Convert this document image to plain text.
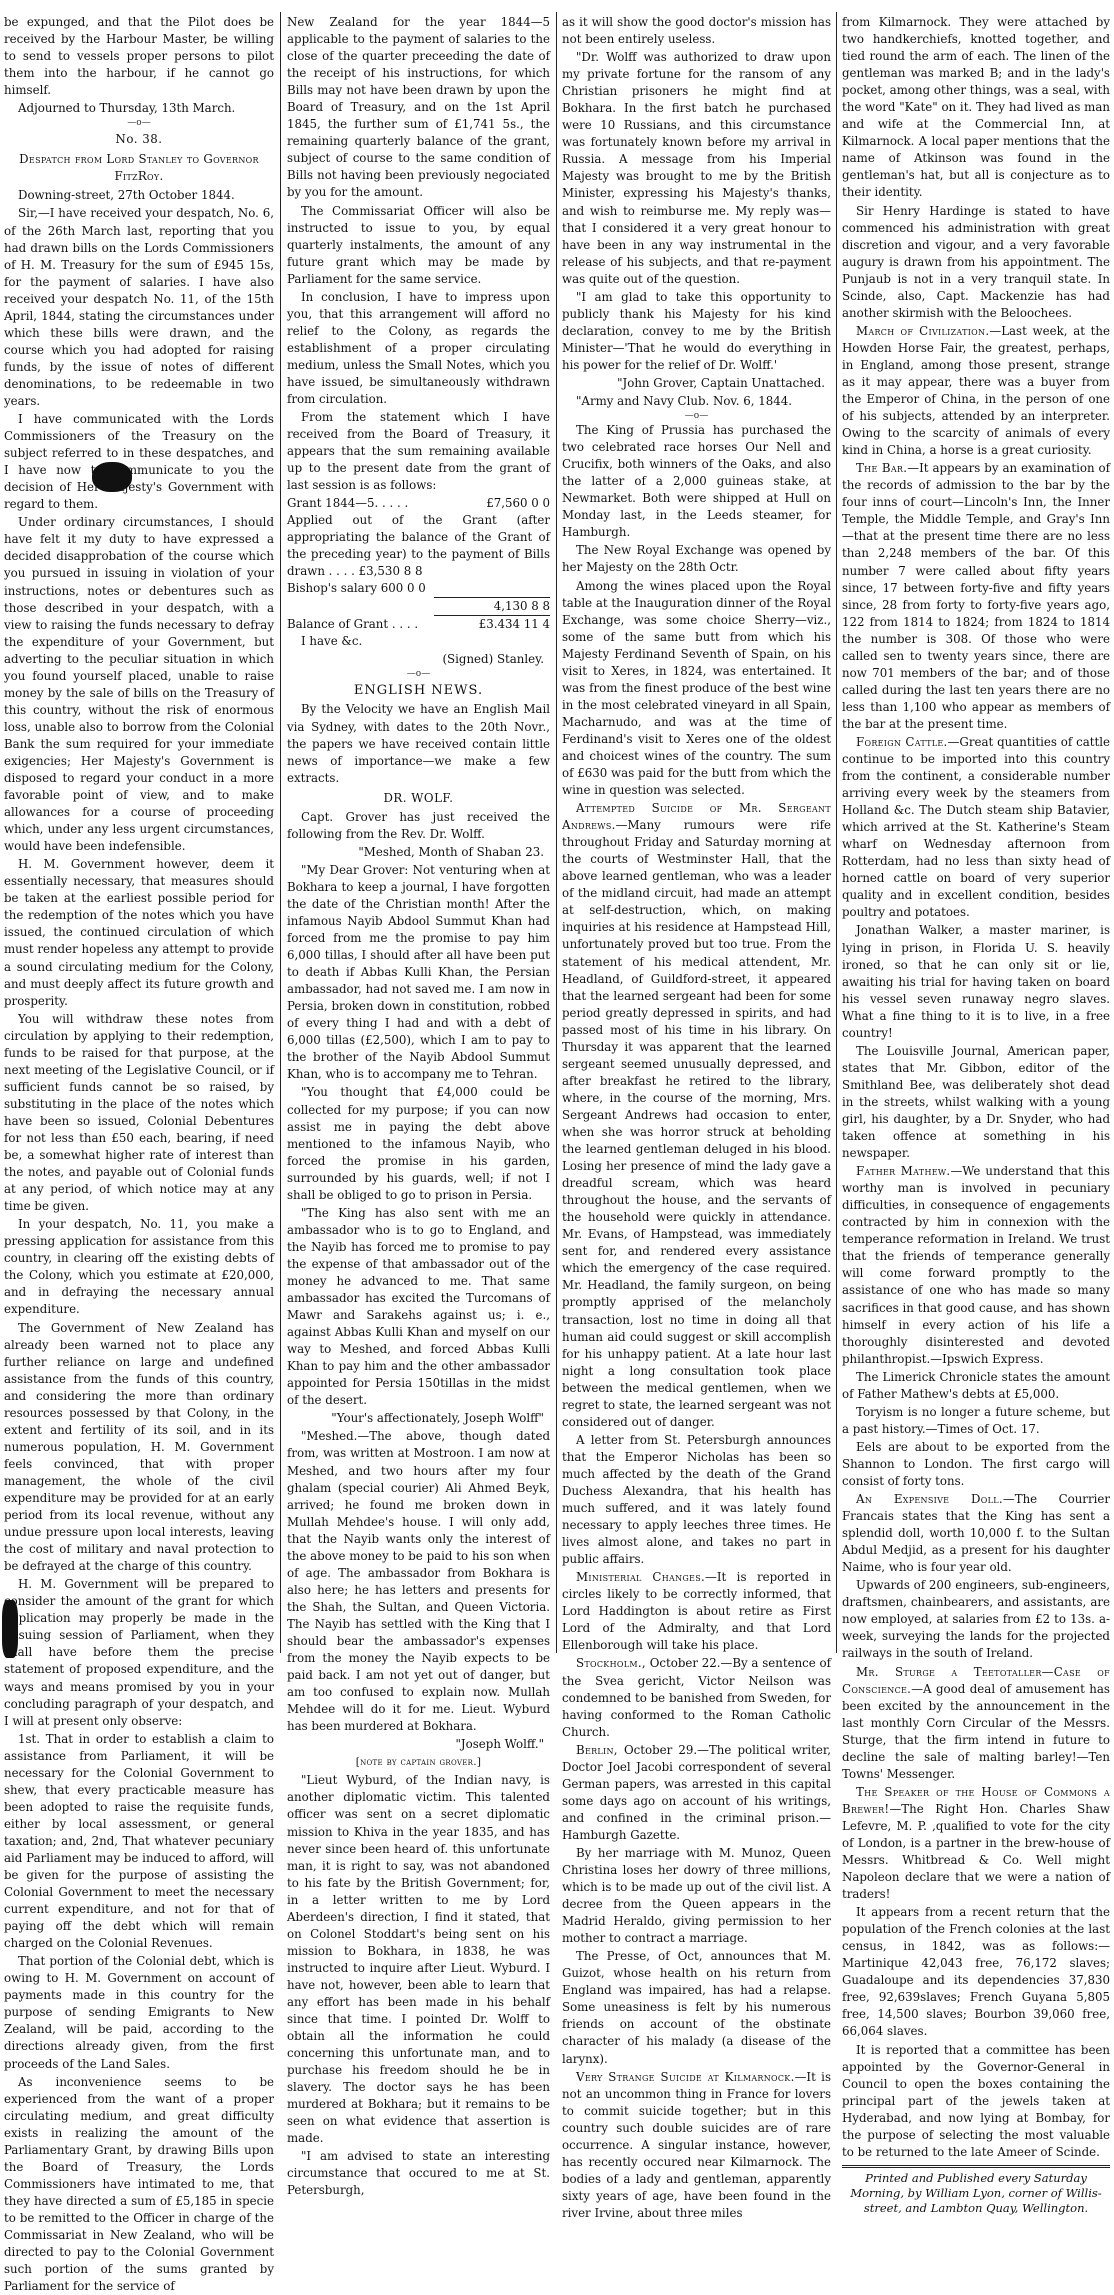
be expunged, and that the Pilot does be received by the Harbour Master, be willing to send to vessels proper persons to pilot them into the harbour, if he cannot go himself.

Adjourned to Thursday, 13th March.

—o—

No. 38.

Despatch from Lord Stanley to Governor FitzRoy.

Downing-street, 27th October 1844.

Sir,—I have received your despatch, No. 6, of the 26th March last, reporting that you had drawn bills on the Lords Commissioners of H. M. Treasury for the sum of £945 15s, for the payment of salaries. I have also received your despatch No. 11, of the 15th April, 1844, stating the circumstances under which these bills were drawn, and the course which you had adopted for raising funds, by the issue of notes of different denominations, to be redeemable in two years.

I have communicated with the Lords Commissioners of the Treasury on the subject referred to in these despatches, and I have now to communicate to you the decision of Her Majesty's Government with regard to them.

Under ordinary circumstances, I should have felt it my duty to have expressed a decided disapprobation of the course which you pursued in issuing in violation of your instructions, notes or debentures such as those described in your despatch, with a view to raising the funds necessary to defray the expenditure of your Government, but adverting to the peculiar situation in which you found yourself placed, unable to raise money by the sale of bills on the Treasury of this country, without the risk of enormous loss, unable also to borrow from the Colonial Bank the sum required for your immediate exigencies; Her Majesty's Government is disposed to regard your conduct in a more favorable point of view, and to make allowances for a course of proceeding which, under any less urgent circumstances, would have been indefensible.

H. M. Government however, deem it essentially necessary, that measures should be taken at the earliest possible period for the redemption of the notes which you have issued, the continued circulation of which must render hopeless any attempt to provide a sound circulating medium for the Colony, and must deeply affect its future growth and prosperity.

You will withdraw these notes from circulation by applying to their redemption, funds to be raised for that purpose, at the next meeting of the Legislative Council, or if sufficient funds cannot be so raised, by substituting in the place of the notes which have been so issued, Colonial Debentures for not less than £50 each, bearing, if need be, a somewhat higher rate of interest than the notes, and payable out of Colonial funds at any period, of which notice may at any time be given.

In your despatch, No. 11, you make a pressing application for assistance from this country, in clearing off the existing debts of the Colony, which you estimate at £20,000, and in defraying the necessary annual expenditure.

The Government of New Zealand has already been warned not to place any further reliance on large and undefined assistance from the funds of this country, and considering the more than ordinary resources possessed by that Colony, in the extent and fertility of its soil, and in its numerous population, H. M. Government feels convinced, that with proper management, the whole of the civil expenditure may be provided for at an early period from its local revenue, without any undue pressure upon local interests, leaving the cost of military and naval protection to be defrayed at the charge of this country.

H. M. Government will be prepared to consider the amount of the grant for which application may properly be made in the ensuing session of Parliament, when they shall have before them the precise statement of proposed expenditure, and the ways and means promised by you in your concluding paragraph of your despatch, and I will at present only observe:

1st. That in order to establish a claim to assistance from Parliament, it will be necessary for the Colonial Government to shew, that every practicable measure has been adopted to raise the requisite funds, either by local assessment, or general taxation; and, 2nd, That whatever pecuniary aid Parliament may be induced to afford, will be given for the purpose of assisting the Colonial Government to meet the necessary current expenditure, and not for that of paying off the debt which will remain charged on the Colonial Revenues.

That portion of the Colonial debt, which is owing to H. M. Government on account of payments made in this country for the purpose of sending Emigrants to New Zealand, will be paid, according to the directions already given, from the first proceeds of the Land Sales.

As inconvenience seems to be experienced from the want of a proper circulating medium, and great difficulty exists in realizing the amount of the Parliamentary Grant, by drawing Bills upon the Board of Treasury, the Lords Commissioners have intimated to me, that they have directed a sum of £5,185 in specie to be remitted to the Officer in charge of the Commissariat in New Zealand, who will be directed to pay to the Colonial Government such portion of the sums granted by Parliament for the service of

New Zealand for the year 1844—5 applicable to the payment of salaries to the close of the quarter preceeding the date of the receipt of his instructions, for which Bills may not have been drawn by upon the Board of Treasury, and on the 1st April 1845, the further sum of £1,741 5s., the remaining quarterly balance of the grant, subject of course to the same condition of Bills not having been previously negociated by you for the amount.

The Commissariat Officer will also be instructed to issue to you, by equal quarterly instalments, the amount of any future grant which may be made by Parliament for the same service.

In conclusion, I have to impress upon you, that this arrangement will afford no relief to the Colony, as regards the establishment of a proper circulating medium, unless the Small Notes, which you have issued, be simultaneously withdrawn from circulation.

From the statement which I have received from the Board of Treasury, it appears that the sum remaining available up to the present date from the grant of last session is as follows:

Grant 1844—5. . . . .	£7,560 0 0
Applied out of the Grant (after appropriating the balance of the Grant of the preceding year) to the payment of Bills drawn . . . . £3,530 8 8	
Bishop's salary 600 0 0	
	4,130 8 8
Balance of Grant . . . .	£3.434 11 4

I have &c.

(Signed) Stanley.

—o—

ENGLISH NEWS.

By the Velocity we have an English Mail via Sydney, with dates to the 20th Novr., the papers we have received contain little news of importance—we make a few extracts.

DR. WOLF.

Capt. Grover has just received the following from the Rev. Dr. Wolff.

"Meshed, Month of Shaban 23.

"My Dear Grover: Not venturing when at Bokhara to keep a journal, I have forgotten the date of the Christian month! After the infamous Nayib Abdool Summut Khan had forced from me the promise to pay him 6,000 tillas, I should after all have been put to death if Abbas Kulli Khan, the Persian ambassador, had not saved me. I am now in Persia, broken down in constitution, robbed of every thing I had and with a debt of 6,000 tillas (£2,500), which I am to pay to the brother of the Nayib Abdool Summut Khan, who is to accompany me to Tehran.

"You thought that £4,000 could be collected for my purpose; if you can now assist me in paying the debt above mentioned to the infamous Nayib, who forced the promise in his garden, surrounded by his guards, well; if not I shall be obliged to go to prison in Persia.

"The King has also sent with me an ambassador who is to go to England, and the Nayib has forced me to promise to pay the expense of that ambassador out of the money he advanced to me. That same ambassador has excited the Turcomans of Mawr and Sarakehs against us; i. e., against Abbas Kulli Khan and myself on our way to Meshed, and forced Abbas Kulli Khan to pay him and the other ambassador appointed for Persia 150tillas in the midst of the desert.

"Your's affectionately, Joseph Wolff"

"Meshed.—The above, though dated from, was written at Mostroon. I am now at Meshed, and two hours after my four ghalam (special courier) Ali Ahmed Beyk, arrived; he found me broken down in Mullah Mehdee's house. I will only add, that the Nayib wants only the interest of the above money to be paid to his son when of age. The ambassador from Bokhara is also here; he has letters and presents for the Shah, the Sultan, and Queen Victoria. The Nayib has settled with the King that I should bear the ambassador's expenses from the money the Nayib expects to be paid back. I am not yet out of danger, but am too confused to explain now. Mullah Mehdee will do it for me. Lieut. Wyburd has been murdered at Bokhara.

"Joseph Wolff."

[note by captain grover.]

"Lieut Wyburd, of the Indian navy, is another diplomatic victim. This talented officer was sent on a secret diplomatic mission to Khiva in the year 1835, and has never since been heard of. this unfortunate man, it is right to say, was not abandoned to his fate by the British Government; for, in a letter written to me by Lord Aberdeen's direction, I find it stated, that on Colonel Stoddart's being sent on his mission to Bokhara, in 1838, he was instructed to inquire after Lieut. Wyburd. I have not, however, been able to learn that any effort has been made in his behalf since that time. I pointed Dr. Wolff to obtain all the information he could concerning this unfortunate man, and to purchase his freedom should he be in slavery. The doctor says he has been murdered at Bokhara; but it remains to be seen on what evidence that assertion is made.

"I am advised to state an interesting circumstance that occured to me at St. Petersburgh,

as it will show the good doctor's mission has not been entirely useless.

"Dr. Wolff was authorized to draw upon my private fortune for the ransom of any Christian prisoners he might find at Bokhara. In the first batch he purchased were 10 Russians, and this circumstance was fortunately known before my arrival in Russia. A message from his Imperial Majesty was brought to me by the British Minister, expressing his Majesty's thanks, and wish to reimburse me. My reply was—that I considered it a very great honour to have been in any way instrumental in the release of his subjects, and that re-payment was quite out of the question.

"I am glad to take this opportunity to publicly thank his Majesty for his kind declaration, convey to me by the British Minister—'That he would do everything in his power for the relief of Dr. Wolff.'

"John Grover, Captain Unattached.

"Army and Navy Club. Nov. 6, 1844.

—o—

The King of Prussia has purchased the two celebrated race horses Our Nell and Crucifix, both winners of the Oaks, and also the latter of a 2,000 guineas stake, at Newmarket. Both were shipped at Hull on Monday last, in the Leeds steamer, for Hamburgh.

The New Royal Exchange was opened by her Majesty on the 28th Octr.

Among the wines placed upon the Royal table at the Inauguration dinner of the Royal Exchange, was some choice Sherry—viz., some of the same butt from which his Majesty Ferdinand Seventh of Spain, on his visit to Xeres, in 1824, was entertained. It was from the finest produce of the best wine in the most celebrated vineyard in all Spain, Macharnudo, and was at the time of Ferdinand's visit to Xeres one of the oldest and choicest wines of the country. The sum of £630 was paid for the butt from which the wine in question was selected.

Attempted Suicide of Mr. Sergeant Andrews.—Many rumours were rife throughout Friday and Saturday morning at the courts of Westminster Hall, that the above learned gentleman, who was a leader of the midland circuit, had made an attempt at self-destruction, which, on making inquiries at his residence at Hampstead Hill, unfortunately proved but too true. From the statement of his medical attendent, Mr. Headland, of Guildford-street, it appeared that the learned sergeant had been for some period greatly depressed in spirits, and had passed most of his time in his library. On Thursday it was apparent that the learned sergeant seemed unusually depressed, and after breakfast he retired to the library, where, in the course of the morning, Mrs. Sergeant Andrews had occasion to enter, when she was horror struck at beholding the learned gentleman deluged in his blood. Losing her presence of mind the lady gave a dreadful scream, which was heard throughout the house, and the servants of the household were quickly in attendance. Mr. Evans, of Hampstead, was immediately sent for, and rendered every assistance which the emergency of the case required. Mr. Headland, the family surgeon, on being promptly apprised of the melancholy transaction, lost no time in doing all that human aid could suggest or skill accomplish for his unhappy patient. At a late hour last night a long consultation took place between the medical gentlemen, when we regret to state, the learned sergeant was not considered out of danger.

A letter from St. Petersburgh announces that the Emperor Nicholas has been so much affected by the death of the Grand Duchess Alexandra, that his health has much suffered, and it was lately found necessary to apply leeches three times. He lives almost alone, and takes no part in public affairs.

Ministerial Changes.—It is reported in circles likely to be correctly informed, that Lord Haddington is about retire as First Lord of the Admiralty, and that Lord Ellenborough will take his place.

Stockholm., October 22.—By a sentence of the Svea gericht, Victor Neilson was condemned to be banished from Sweden, for having conformed to the Roman Catholic Church.

Berlin, October 29.—The political writer, Doctor Joel Jacobi correspondent of several German papers, was arrested in this capital some days ago on account of his writings, and confined in the criminal prison.—Hamburgh Gazette.

By her marriage with M. Munoz, Queen Christina loses her dowry of three millions, which is to be made up out of the civil list. A decree from the Queen appears in the Madrid Heraldo, giving permission to her mother to contract a marriage.

The Presse, of Oct, announces that M. Guizot, whose health on his return from England was impaired, has had a relapse. Some uneasiness is felt by his numerous friends on account of the obstinate character of his malady (a disease of the larynx).

Very Strange Suicide at Kilmarnock.—It is not an uncommon thing in France for lovers to commit suicide together; but in this country such double suicides are of rare occurrence. A singular instance, however, has recently occured near Kilmarnock. The bodies of a lady and gentleman, apparently sixty years of age, have been found in the river Irvine, about three miles

from Kilmarnock. They were attached by two handkerchiefs, knotted together, and tied round the arm of each. The linen of the gentleman was marked B; and in the lady's pocket, among other things, was a seal, with the word "Kate" on it. They had lived as man and wife at the Commercial Inn, at Kilmarnock. A local paper mentions that the name of Atkinson was found in the gentleman's hat, but all is conjecture as to their identity.

Sir Henry Hardinge is stated to have commenced his administration with great discretion and vigour, and a very favorable augury is drawn from his appointment. The Punjaub is not in a very tranquil state. In Scinde, also, Capt. Mackenzie has had another skirmish with the Beloochees.

March of Civilization.—Last week, at the Howden Horse Fair, the greatest, perhaps, in England, among those present, strange as it may appear, there was a buyer from the Emperor of China, in the person of one of his subjects, attended by an interpreter. Owing to the scarcity of animals of every kind in China, a horse is a great curiosity.

The Bar.—It appears by an examination of the records of admission to the bar by the four inns of court—Lincoln's Inn, the Inner Temple, the Middle Temple, and Gray's Inn—that at the present time there are no less than 2,248 members of the bar. Of this number 7 were called about fifty years since, 17 between forty-five and fifty years since, 28 from forty to forty-five years ago, 122 from 1814 to 1824; from 1824 to 1814 the number is 308. Of those who were called sen to twenty years since, there are now 701 members of the bar; and of those called during the last ten years there are no less than 1,100 who appear as members of the bar at the present time.

Foreign Cattle.—Great quantities of cattle continue to be imported into this country from the continent, a considerable number arriving every week by the steamers from Holland &c. The Dutch steam ship Batavier, which arrived at the St. Katherine's Steam wharf on Wednesday afternoon from Rotterdam, had no less than sixty head of horned cattle on board of very superior quality and in excellent condition, besides poultry and potatoes.

Jonathan Walker, a master mariner, is lying in prison, in Florida U. S. heavily ironed, so that he can only sit or lie, awaiting his trial for having taken on board his vessel seven runaway negro slaves. What a fine thing to it is to live, in a free country!

The Louisville Journal, American paper, states that Mr. Gibbon, editor of the Smithland Bee, was deliberately shot dead in the streets, whilst walking with a young girl, his daughter, by a Dr. Snyder, who had taken offence at something in his newspaper.

Father Mathew.—We understand that this worthy man is involved in pecuniary difficulties, in consequence of engagements contracted by him in connexion with the temperance reformation in Ireland. We trust that the friends of temperance generally will come forward promptly to the assistance of one who has made so many sacrifices in that good cause, and has shown himself in every action of his life a thoroughly disinterested and devoted philanthropist.—Ipswich Express.

The Limerick Chronicle states the amount of Father Mathew's debts at £5,000.

Toryism is no longer a future scheme, but a past history.—Times of Oct. 17.

Eels are about to be exported from the Shannon to London. The first cargo will consist of forty tons.

An Expensive Doll.—The Courrier Francais states that the King has sent a splendid doll, worth 10,000 f. to the Sultan Abdul Medjid, as a present for his daughter Naime, who is four year old.

Upwards of 200 engineers, sub-engineers, draftsmen, chainbearers, and assistants, are now employed, at salaries from £2 to 13s. a-week, surveying the lands for the projected railways in the south of Ireland.

Mr. Sturge a Teetotaller—Case of Conscience.—A good deal of amusement has been excited by the announcement in the last monthly Corn Circular of the Messrs. Sturge, that the firm intend in future to decline the sale of malting barley!—Ten Towns' Messenger.

The Speaker of the House of Commons a Brewer!—The Right Hon. Charles Shaw Lefevre, M. P. ,qualified to vote for the city of London, is a partner in the brew-house of Messrs. Whitbread & Co. Well might Napoleon declare that we were a nation of traders!

It appears from a recent return that the population of the French colonies at the last census, in 1842, was as follows:—Martinique 42,043 free, 76,172 slaves; Guadaloupe and its dependencies 37,830 free, 92,639slaves; French Guyana 5,805 free, 14,500 slaves; Bourbon 39,060 free, 66,064 slaves.

It is reported that a committee has been appointed by the Governor-General in Council to open the boxes containing the principal part of the jewels taken at Hyderabad, and now lying at Bombay, for the purpose of selecting the most valuable to be returned to the late Ameer of Scinde.

Printed and Published every Saturday Morning, by William Lyon, corner of Willis-street, and Lambton Quay, Wellington.
